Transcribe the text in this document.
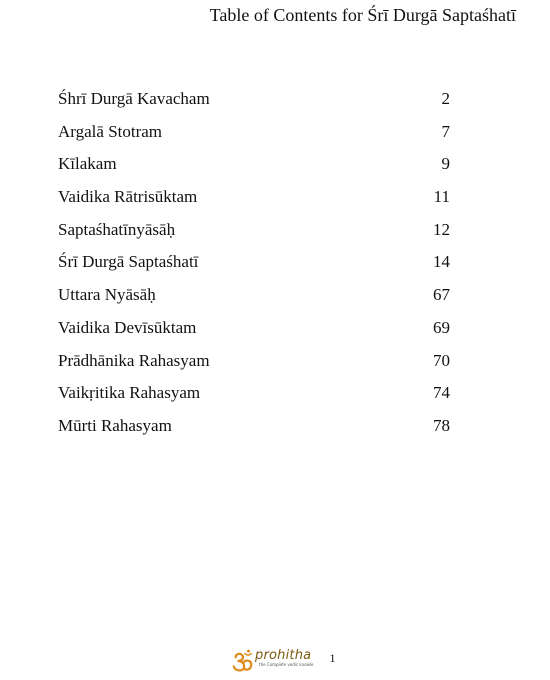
Table of Contents for Śrī Durgā Saptaśhatī
Śhrī Durgā Kavacham	2
Argalā Stotram	7
Kīlakam	9
Vaidika Rātrisūktam	11
Saptaśhatīnyāsāḥ	12
Śrī Durgā Saptaśhatī	14
Uttara Nyāsāḥ	67
Vaidika Devīsūktam	69
Prādhānika Rahasyam	70
Vaikṛitika Rahasyam	74
Mūrti Rahasyam	78
prohitha
the Complete vedic knowle 1
